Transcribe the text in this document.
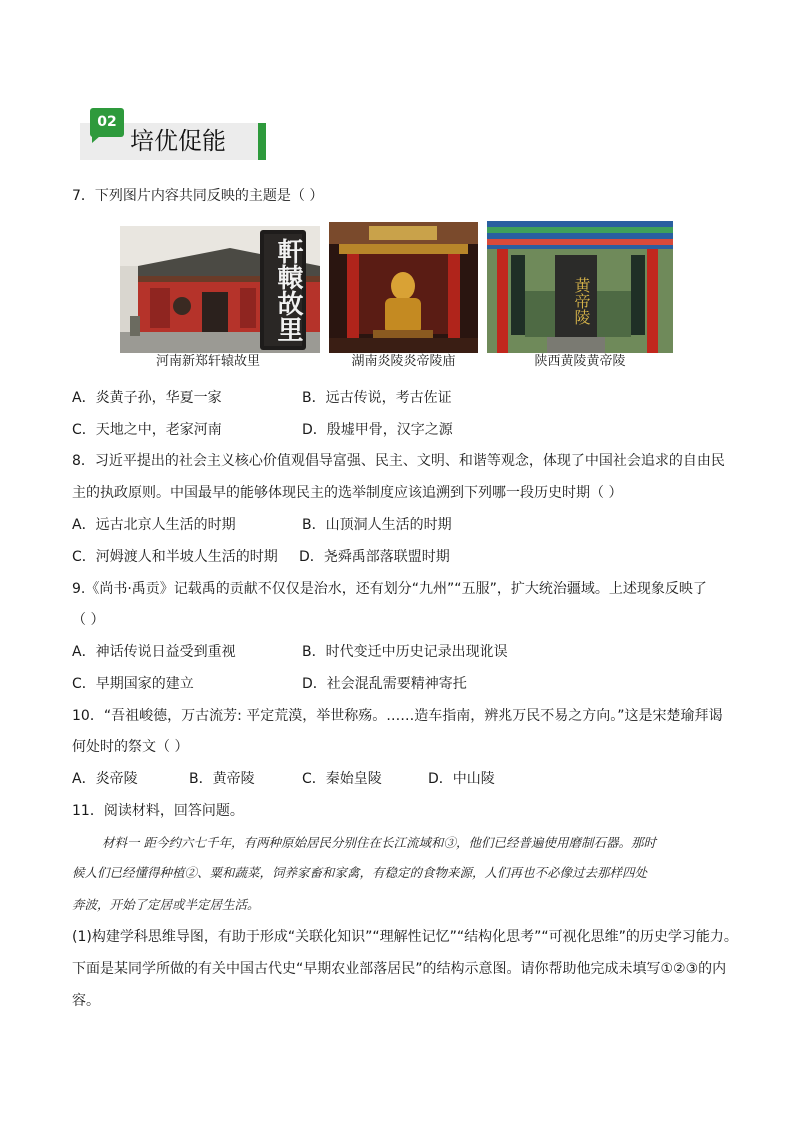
02
培优促能
7．下列图片内容共同反映的主题是（ ）
軒轅故里
河南新郑轩辕故里	湖南炎陵炎帝陵庙
黄帝陵
陕西黄陵黄帝陵
A．炎黄子孙，华夏一家	B．远古传说，考古佐证
C．天地之中，老家河南	D．殷墟甲骨，汉字之源
8．习近平提出的社会主义核心价值观倡导富强、民主、文明、和谐等观念，体现了中国社会追求的自由民
主的执政原则。中国最早的能够体现民主的选举制度应该追溯到下列哪一段历史时期（ ）
A．远古北京人生活的时期	B．山顶洞人生活的时期
C．河姆渡人和半坡人生活的时期 D．尧舜禹部落联盟时期
9.《尚书·禹贡》记载禹的贡献不仅仅是治水，还有划分“九州”“五服”，扩大统治疆域。上述现象反映了
（ ）
A．神话传说日益受到重视	B．时代变迁中历史记录出现讹误
C．早期国家的建立	D．社会混乱需要精神寄托
10．“吾祖峻德，万古流芳: 平定荒漠，举世称殇。……造车指南，辨兆万民不易之方向。”这是宋楚瑜拜谒
何处时的祭文（ ）
A．炎帝陵	B．黄帝陵	C．秦始皇陵	D．中山陵
11．阅读材料，回答问题。
材料一 距今约六七千年，有两种原始居民分别住在长江流域和③，他们已经普遍使用磨制石器。那时
候人们已经懂得种植②、粟和蔬菜，饲养家畜和家禽，有稳定的食物来源，人们再也不必像过去那样四处
奔波，开始了定居或半定居生活。
(1)构建学科思维导图，有助于形成“关联化知识”“理解性记忆”“结构化思考”“可视化思维”的历史学习能力。
下面是某同学所做的有关中国古代史“早期农业部落居民”的结构示意图。请你帮助他完成未填写①②③的内
容。
